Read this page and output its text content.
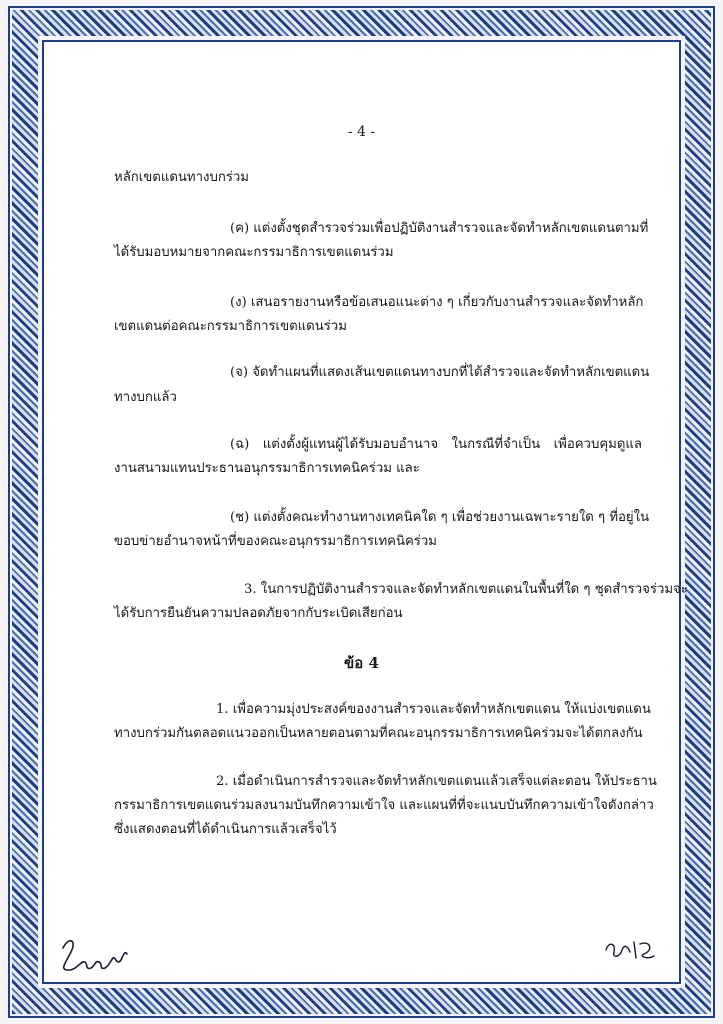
- 4 -
หลักเขตแดนทางบกร่วม
(ค) แต่งตั้งชุดสำรวจร่วมเพื่อปฏิบัติงานสำรวจและจัดทำหลักเขตแดนตามที่
ได้รับมอบหมายจากคณะกรรมาธิการเขตแดนร่วม
(ง) เสนอรายงานหรือข้อเสนอแนะต่าง ๆ เกี่ยวกับงานสำรวจและจัดทำหลัก
เขตแดนต่อคณะกรรมาธิการเขตแดนร่วม
(จ) จัดทำแผนที่แสดงเส้นเขตแดนทางบกที่ได้สำรวจและจัดทำหลักเขตแดน
ทางบกแล้ว
(ฉ) แต่งตั้งผู้แทนผู้ได้รับมอบอำนาจ ในกรณีที่จำเป็น เพื่อควบคุมดูแล
งานสนามแทนประธานอนุกรรมาธิการเทคนิคร่วม และ
(ช) แต่งตั้งคณะทำงานทางเทคนิคใด ๆ เพื่อช่วยงานเฉพาะรายใด ๆ ที่อยู่ใน
ขอบข่ายอำนาจหน้าที่ของคณะอนุกรรมาธิการเทคนิคร่วม
3. ในการปฏิบัติงานสำรวจและจัดทำหลักเขตแดนในพื้นที่ใด ๆ ชุดสำรวจร่วมจะ
ได้รับการยืนยันความปลอดภัยจากกับระเบิดเสียก่อน
1. เพื่อความมุ่งประสงค์ของงานสำรวจและจัดทำหลักเขตแดน ให้แบ่งเขตแดน
ทางบกร่วมกันตลอดแนวออกเป็นหลายตอนตามที่คณะอนุกรรมาธิการเทคนิคร่วมจะได้ตกลงกัน
2. เมื่อดำเนินการสำรวจและจัดทำหลักเขตแดนแล้วเสร็จแต่ละตอน ให้ประธาน
กรรมาธิการเขตแดนร่วมลงนามบันทึกความเข้าใจ และแผนที่ที่จะแนบบันทึกความเข้าใจดังกล่าว
ซึ่งแสดงตอนที่ได้ดำเนินการแล้วเสร็จไว้
ข้อ 4
